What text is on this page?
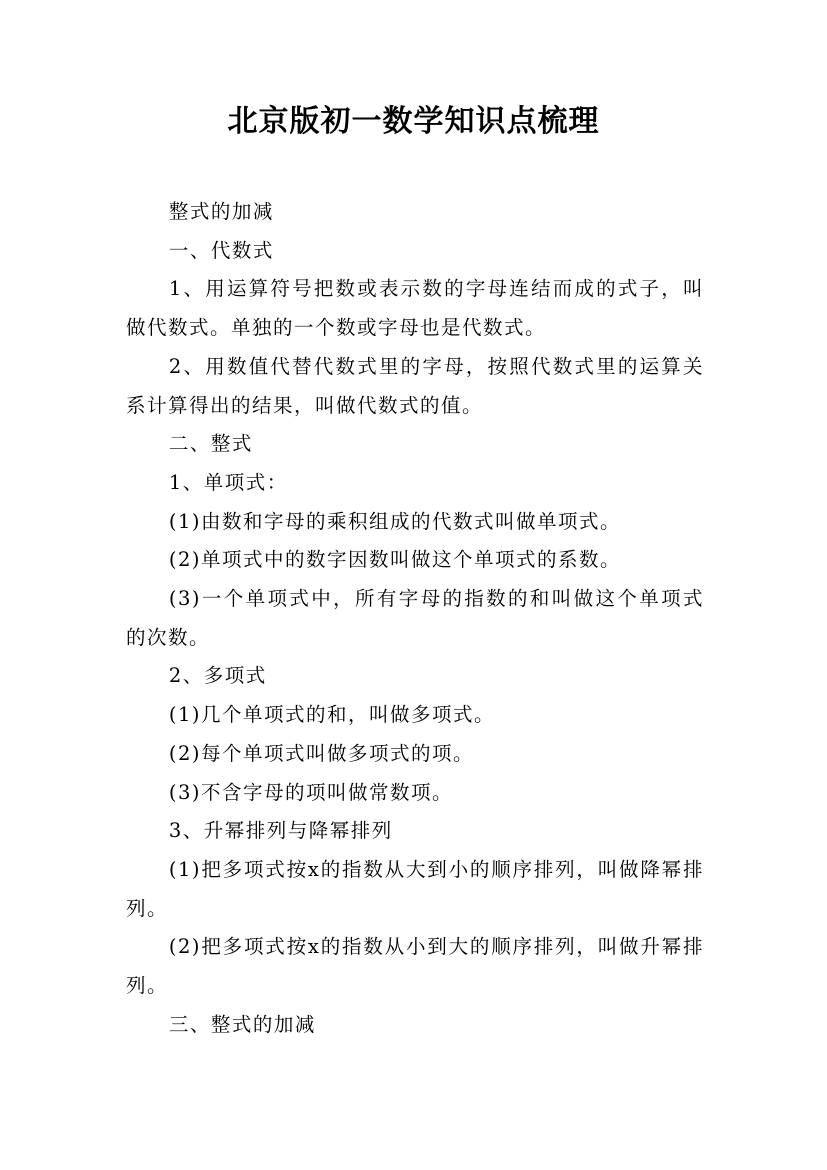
北京版初一数学知识点梳理

整式的加减

一、代数式

1、用运算符号把数或表示数的字母连结而成的式子，叫做代数式。单独的一个数或字母也是代数式。

2、用数值代替代数式里的字母，按照代数式里的运算关系计算得出的结果，叫做代数式的值。

二、整式

1、单项式：

(1)由数和字母的乘积组成的代数式叫做单项式。

(2)单项式中的数字因数叫做这个单项式的系数。

(3)一个单项式中，所有字母的指数的和叫做这个单项式的次数。

2、多项式

(1)几个单项式的和，叫做多项式。

(2)每个单项式叫做多项式的项。

(3)不含字母的项叫做常数项。

3、升幂排列与降幂排列

(1)把多项式按x的指数从大到小的顺序排列，叫做降幂排列。

(2)把多项式按x的指数从小到大的顺序排列，叫做升幂排列。

三、整式的加减
